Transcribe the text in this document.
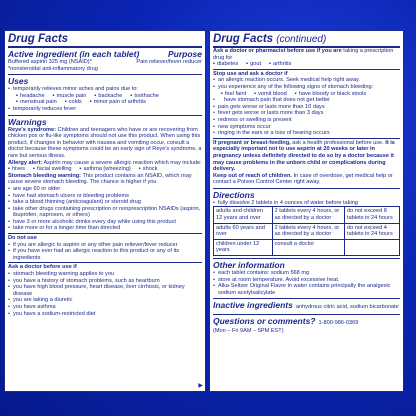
Drug Facts
Active ingredient (in each tablet)	Purpose
Buffered aspirin 325 mg (NSAID)*	Pain reliever/fever reducer

*nonsteroidal anti-inflammatory drug

Uses
• temporarily relieves minor aches and pains due to:
▪ headache	▪ muscle pain	▪ backache	▪ toothache
▪ menstrual pain	▪ colds	▪ minor pain of arthritis
• temporarily reduces fever
Warnings

Reye's syndrome: Children and teenagers who have or are recovering from chicken pox or flu-like symptoms should not use this product. When using this product, if changes in behavior with nausea and vomiting occur, consult a doctor because these symptoms could be an early sign of Reye's syndrome, a rare but serious illness.

Allergy alert: Aspirin may cause a severe allergic reaction which may include:

▪ hives	▪ facial swelling	▪ asthma (wheezing)	▪ shock

Stomach bleeding warning: This product contains an NSAID, which may cause severe stomach bleeding. The chance is higher if you

• are age 60 or older
• have had stomach ulcers or bleeding problems
• take a blood thinning (anticoagulant) or steroid drug
• take other drugs containing prescription or nonprescription NSAIDs (aspirin, ibuprofen, naproxen, or others)
• have 3 or more alcoholic drinks every day while using this product
• take more or for a longer time than directed

Do not use

• if you are allergic to aspirin or any other pain reliever/fever reducer
• if you have ever had an allergic reaction to this product or any of its ingredients

Ask a doctor before use if

• stomach bleeding warning applies to you
• you have a history of stomach problems, such as heartburn
• you have high blood pressure, heart disease, liver cirrhosis, or kidney disease
• you are taking a diuretic
• you have asthma
• you have a sodium-restricted diet
▶
Drug Facts (continued)

Ask a doctor or pharmacist before use if you are taking a prescription drug for

▪ diabetes	▪ gout	▪ arthritis

Stop use and ask a doctor if

• an allergic reaction occurs. Seek medical help right away.
• you experience any of the following signs of stomach bleeding:
▪ feel faint	▪ vomit blood	▪ have bloody or black stools
• have stomach pain that does not get better
• pain gets worse or lasts more than 10 days
• fever gets worse or lasts more than 3 days
• redness or swelling is present
• new symptoms occur
• ringing in the ears or a loss of hearing occurs

If pregnant or breast-feeding, ask a health professional before use. It is especially important not to use aspirin at 20 weeks or later in pregnancy unless definitely directed to do so by a doctor because it may cause problems in the unborn child or complications during delivery.

Keep out of reach of children. In case of overdose, get medical help or contact a Poison Control Center right away.

Directions
• fully dissolve 2 tablets in 4 ounces of water before taking
adults and children 12 years and over	2 tablets every 4 hours, or as directed by a doctor	do not exceed 8 tablets in 24 hours
adults 60 years and over	2 tablets every 4 hours, or as directed by a doctor	do not exceed 4 tablets in 24 hours
children under 12 years	consult a doctor	
Other information
• each tablet contains: sodium 568 mg
• store at room temperature. Avoid excessive heat.
• Alka-Seltzer Original Flavor in water contains principally the analgesic sodium acetylsalicylate
Inactive ingredients anhydrous citric acid, sodium bicarbonate
Questions or comments? 1-800-986-0369

(Mon – Fri 9AM – 5PM EST)
